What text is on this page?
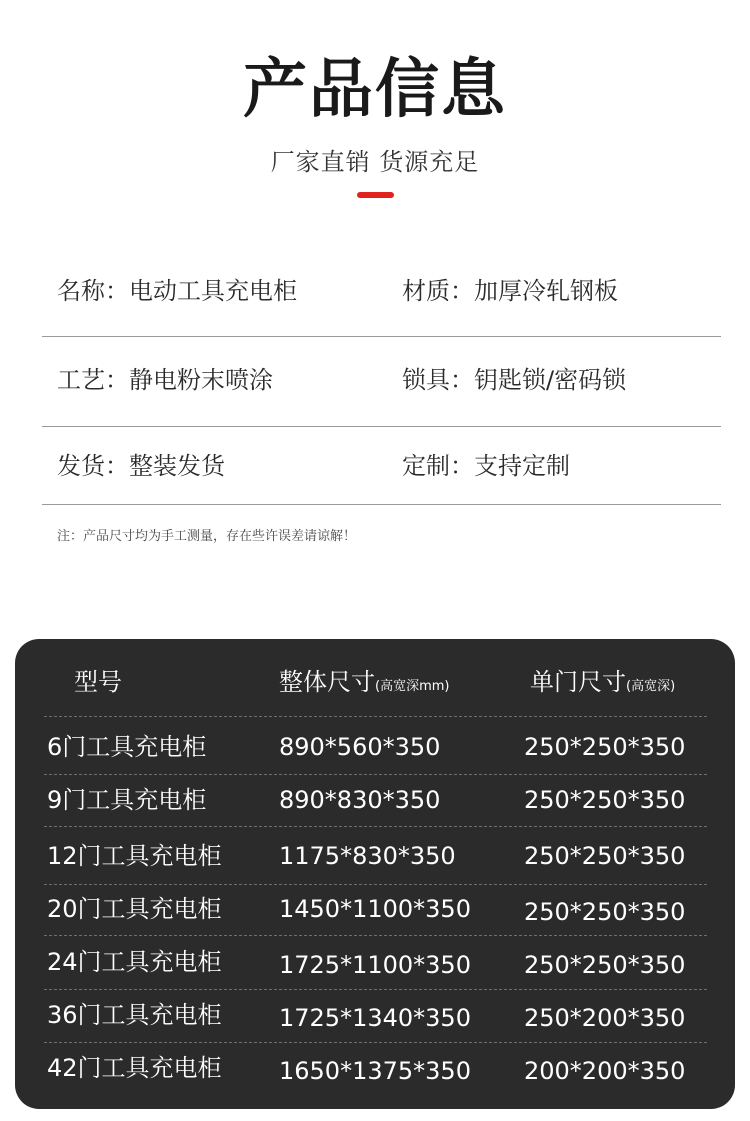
产品信息
厂家直销 货源充足
名称：电动工具充电柜	材质：加厚冷轧钢板
工艺：静电粉末喷涂	锁具：钥匙锁/密码锁
发货：整装发货	定制：支持定制
注：产品尺寸均为手工测量，存在些许误差请谅解！
型号	整体尺寸(高宽深mm)	单门尺寸(高宽深)
6门工具充电柜	890*560*350	250*250*350
9门工具充电柜	890*830*350	250*250*350
12门工具充电柜 1175*830*350	250*250*350
20门工具充电柜 1450*1100*350 250*250*350
24门工具充电柜 1725*1100*350 250*250*350
36门工具充电柜 1725*1340*350 250*200*350
42门工具充电柜 1650*1375*350 200*200*350
